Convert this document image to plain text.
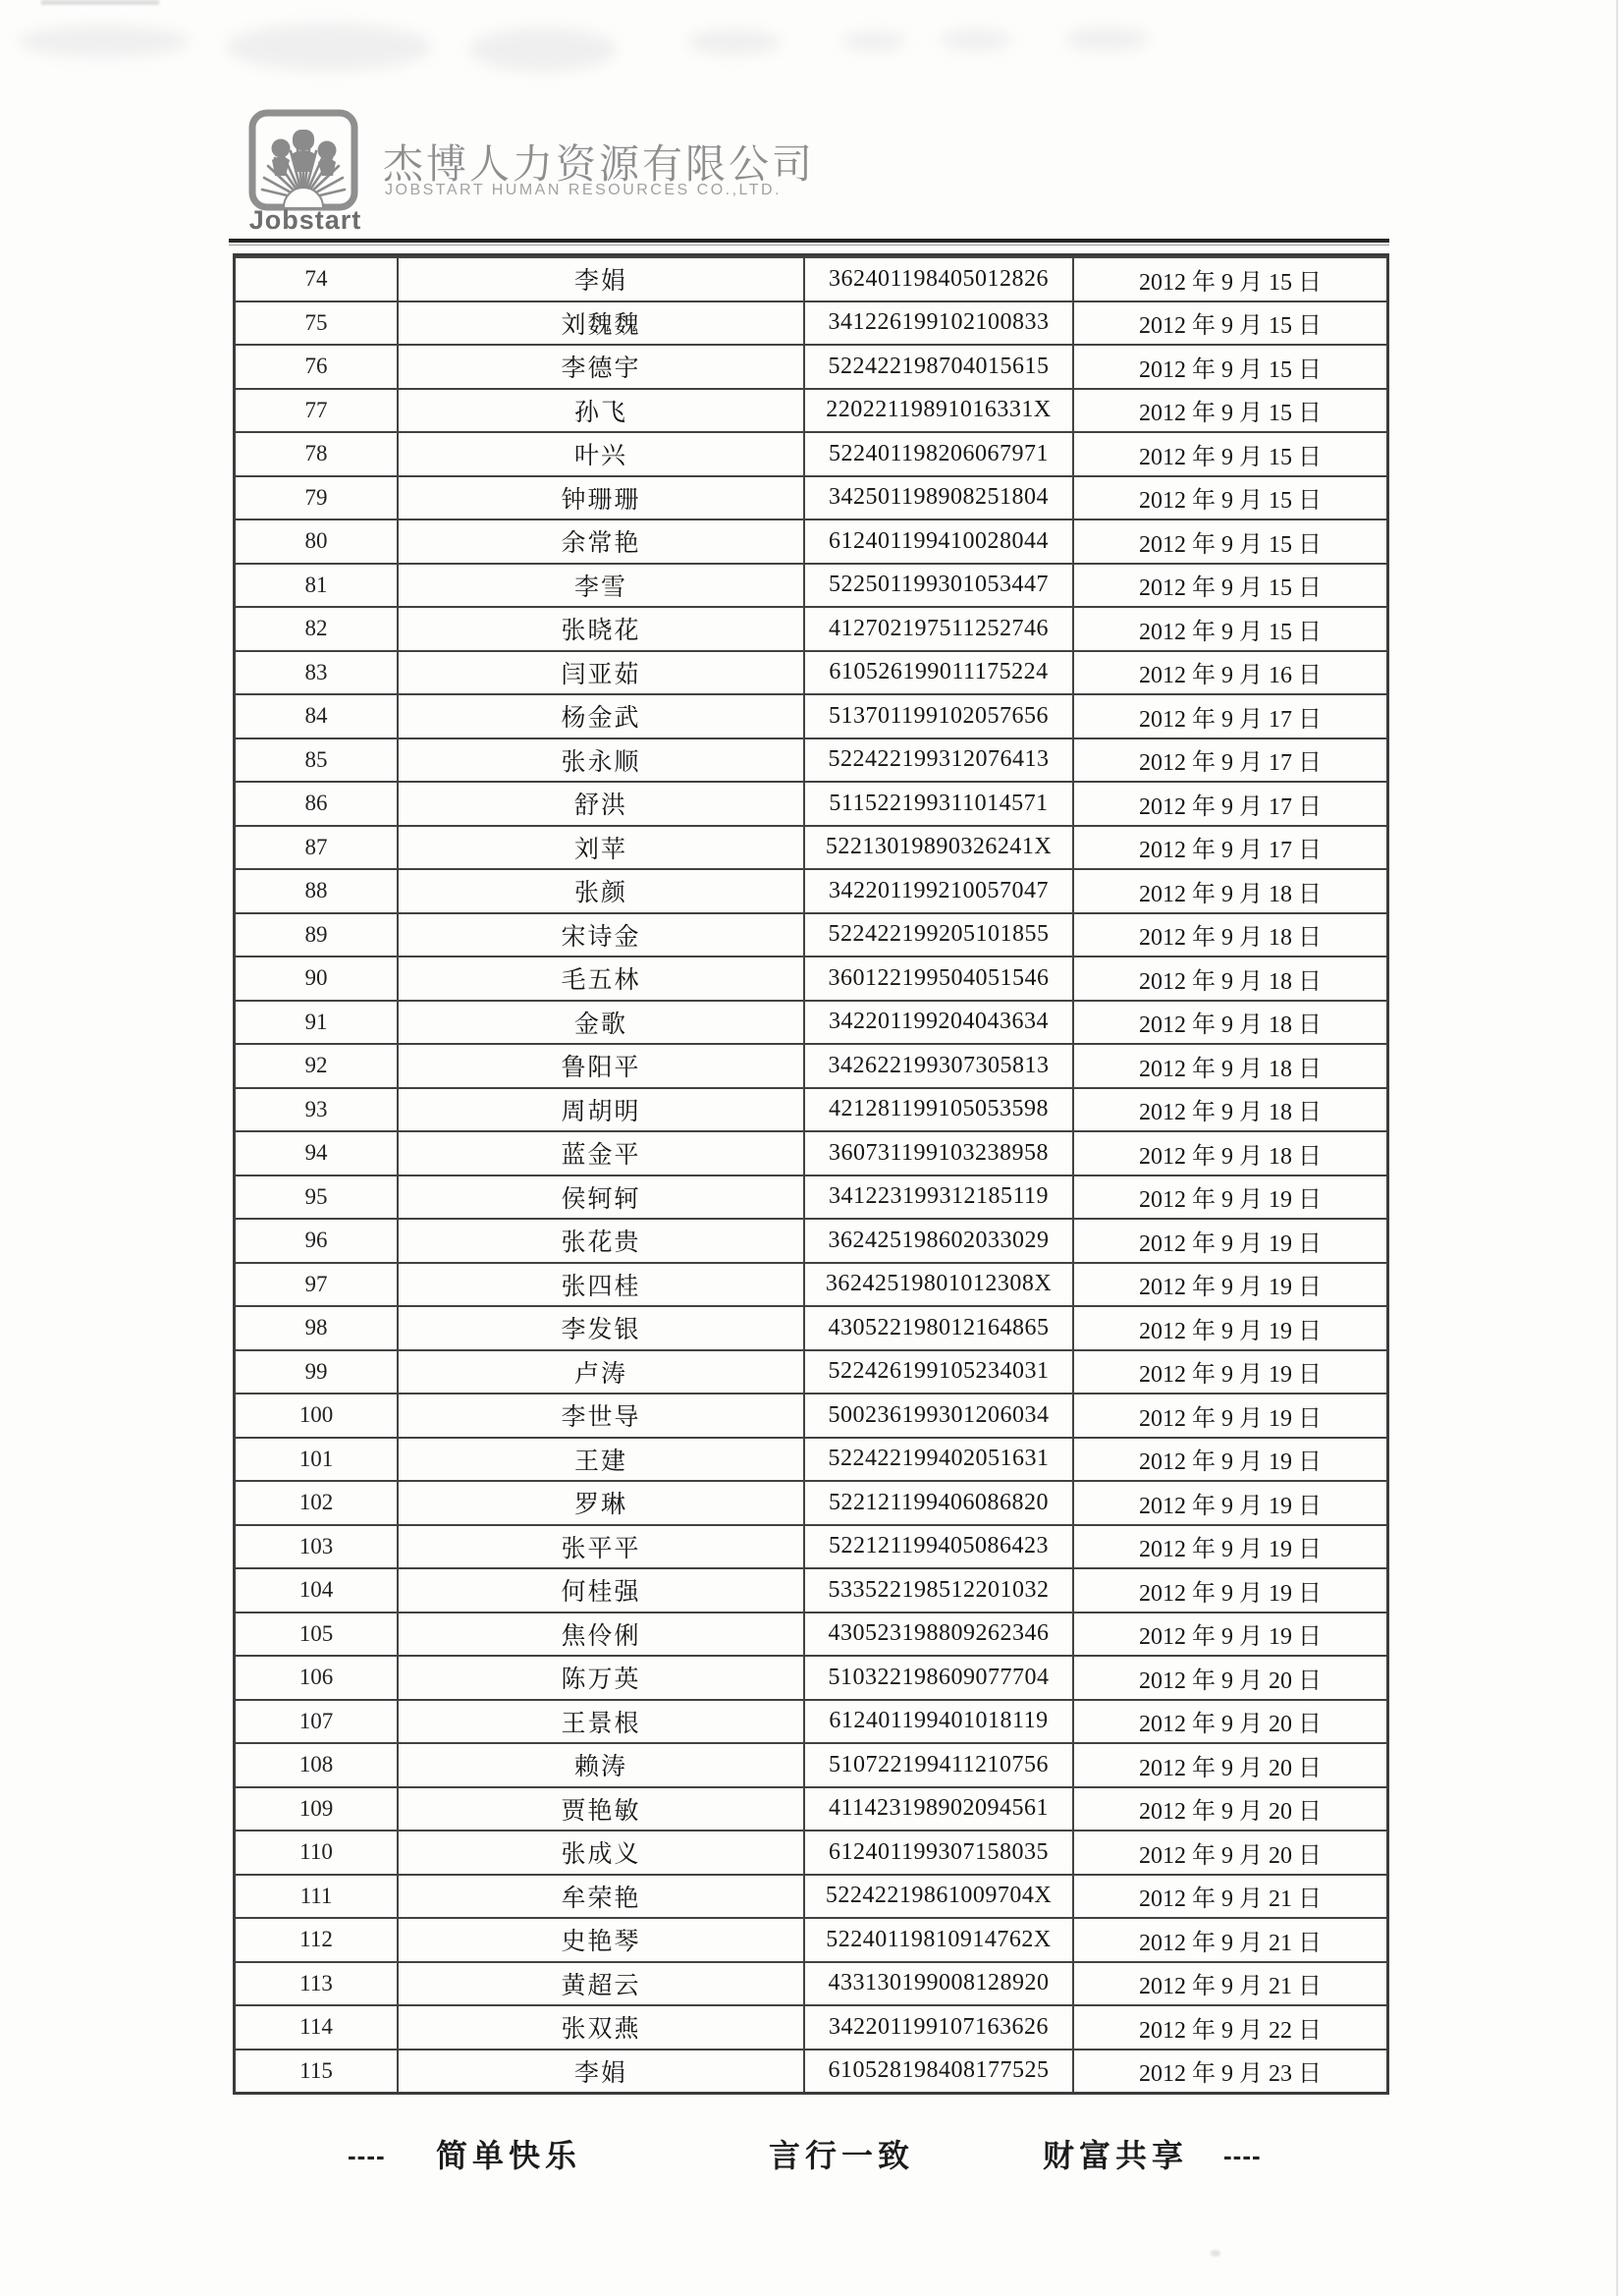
Jobstart
杰博人力资源有限公司
JOBSTART HUMAN RESOURCES CO.,LTD.
74	李娟	362401198405012826	2012 年 9 月 15 日
75	刘魏魏	341226199102100833	2012 年 9 月 15 日
76	李德宇	522422198704015615	2012 年 9 月 15 日
77	孙飞	22022119891016331X	2012 年 9 月 15 日
78	叶兴	522401198206067971	2012 年 9 月 15 日
79	钟珊珊	342501198908251804	2012 年 9 月 15 日
80	余常艳	612401199410028044	2012 年 9 月 15 日
81	李雪	522501199301053447	2012 年 9 月 15 日
82	张晓花	412702197511252746	2012 年 9 月 15 日
83	闫亚茹	610526199011175224	2012 年 9 月 16 日
84	杨金武	513701199102057656	2012 年 9 月 17 日
85	张永顺	522422199312076413	2012 年 9 月 17 日
86	舒洪	511522199311014571	2012 年 9 月 17 日
87	刘苹	52213019890326241X	2012 年 9 月 17 日
88	张颜	342201199210057047	2012 年 9 月 18 日
89	宋诗金	522422199205101855	2012 年 9 月 18 日
90	毛五林	360122199504051546	2012 年 9 月 18 日
91	金歌	342201199204043634	2012 年 9 月 18 日
92	鲁阳平	342622199307305813	2012 年 9 月 18 日
93	周胡明	421281199105053598	2012 年 9 月 18 日
94	蓝金平	360731199103238958	2012 年 9 月 18 日
95	侯轲轲	341223199312185119	2012 年 9 月 19 日
96	张花贵	362425198602033029	2012 年 9 月 19 日
97	张四桂	36242519801012308X	2012 年 9 月 19 日
98	李发银	430522198012164865	2012 年 9 月 19 日
99	卢涛	522426199105234031	2012 年 9 月 19 日
100	李世导	500236199301206034	2012 年 9 月 19 日
101	王建	522422199402051631	2012 年 9 月 19 日
102	罗琳	522121199406086820	2012 年 9 月 19 日
103	张平平	522121199405086423	2012 年 9 月 19 日
104	何桂强	533522198512201032	2012 年 9 月 19 日
105	焦伶俐	430523198809262346	2012 年 9 月 19 日
106	陈万英	510322198609077704	2012 年 9 月 20 日
107	王景根	612401199401018119	2012 年 9 月 20 日
108	赖涛	510722199411210756	2012 年 9 月 20 日
109	贾艳敏	411423198902094561	2012 年 9 月 20 日
110	张成义	612401199307158035	2012 年 9 月 20 日
111	牟荣艳	52242219861009704X	2012 年 9 月 21 日
112	史艳琴	52240119810914762X	2012 年 9 月 21 日
113	黄超云	433130199008128920	2012 年 9 月 21 日
114	张双燕	342201199107163626	2012 年 9 月 22 日
115	李娟	610528198408177525	2012 年 9 月 23 日
---- 简单快乐	言行一致	财富共享 ----
